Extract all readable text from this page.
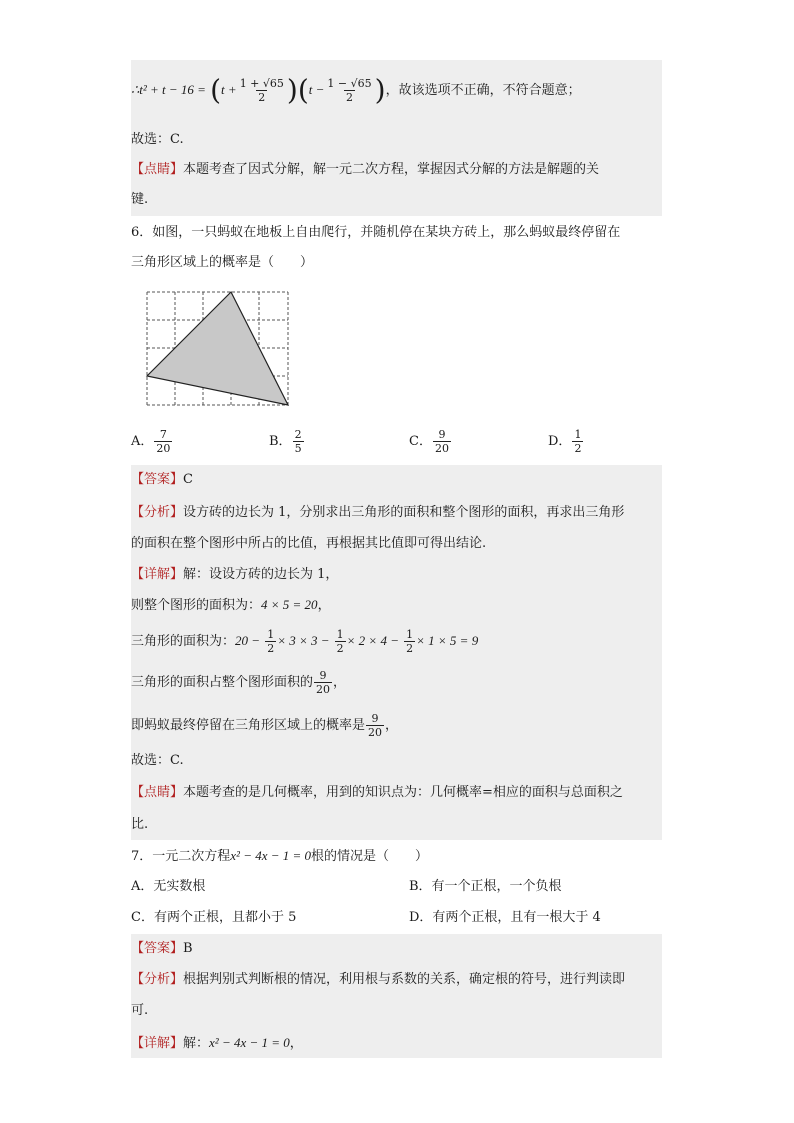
∴t² + $t - 16 = (t + \frac{1 + √65}{2} )(t - \frac{1 - √65}{2}$ )，故该选项不正确，不符合题意；
故选：C.
【点睛】本题考查了因式分解，解一元二次方程，掌握因式分解的方法是解题的关
键.
6．如图，一只蚂蚁在地板上自由爬行，并随机停在某块方砖上，那么蚂蚁最终停留在
三角形区域上的概率是（　　）
A． $\frac{7}{20}$	B． $\frac{2}{5}$	C． $\frac{9}{20}$	D． $\frac{1}{2}$
【答案】C
【分析】设方砖的边长为 1，分别求出三角形的面积和整个图形的面积，再求出三角形
的面积在整个图形中所占的比值，再根据其比值即可得出结论.
【详解】解：设设方砖的边长为 1，
则整个图形的面积为：4 × 5 = 20，
三角形的面积为：$20 - \frac{1}{2} \times 3 \times 3 - \frac{1}{2} \times 2 \times 4 - \frac{1}{2} \times 1 \times 5 = 9$
三角形的面积占整个图形面积的 $\frac{9}{20}$ ，
即蚂蚁最终停留在三角形区域上的概率是 $\frac{9}{20}$ ，
故选：C.
【点睛】本题考查的是几何概率，用到的知识点为：几何概率=相应的面积与总面积之
比.
7．一元二次方程x² − 4x − 1 = 0根的情况是（　　）
A．无实数根	B．有一个正根，一个负根
C．有两个正根，且都小于 5	D．有两个正根，且有一根大于 4
【答案】B
【分析】根据判别式判断根的情况，利用根与系数的关系，确定根的符号，进行判读即
可.
【详解】解：x² − 4x − 1 = 0，
